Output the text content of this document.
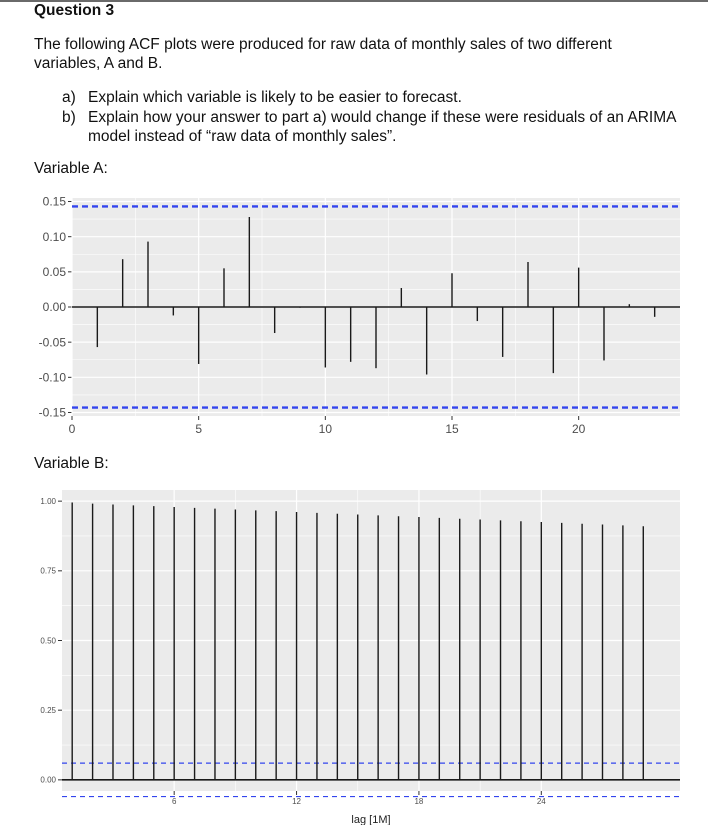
Question 3
The following ACF plots were produced for raw data of monthly sales of two different variables, A and B.
a) Explain which variable is likely to be easier to forecast.
b) Explain how your answer to part a) would change if these were residuals of an ARIMA model instead of “raw data of monthly sales”.
Variable A:
-0.15
-0.10
-0.05
0.00
0.05
0.10
0.15
0	5	10	15	20
Variable B:
0.00
0.25
0.50
0.75
1.00
6	12	18	24
lag [1M]
